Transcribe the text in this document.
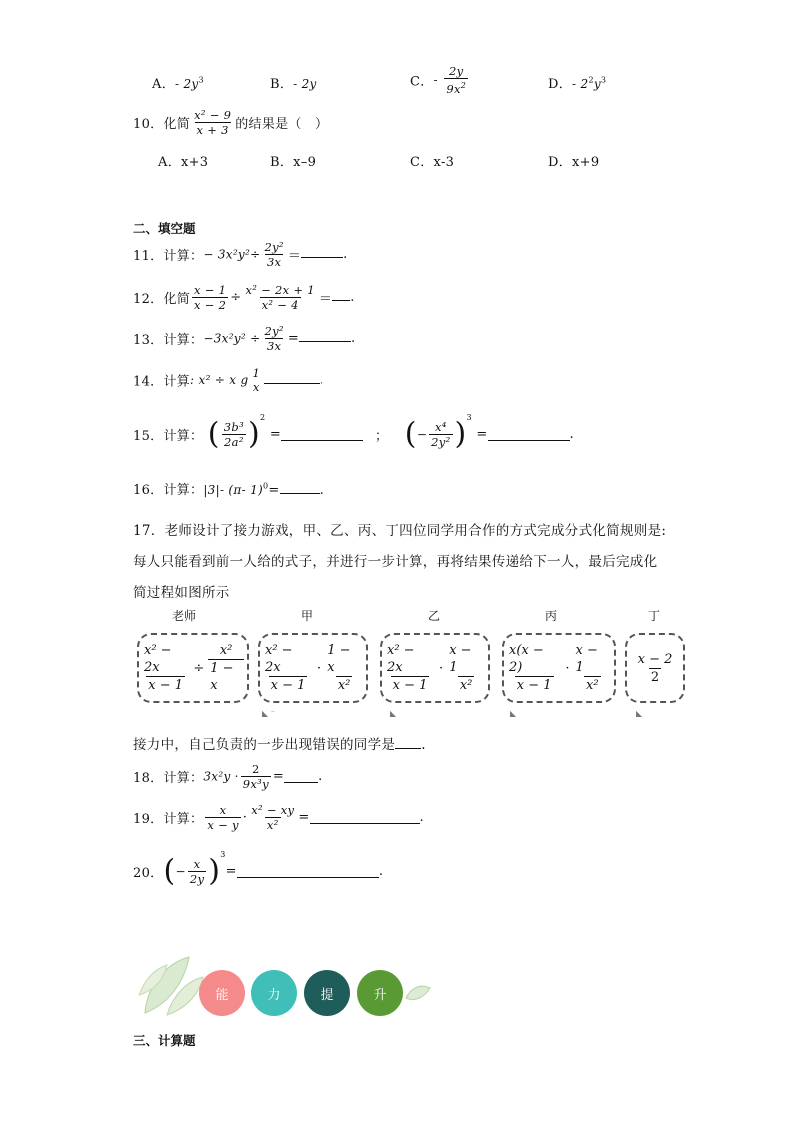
A．- $2y^3$	B．- 2y	C．- $\frac{2y}{9x^2}$	D．- $2^2y^3$
10．化简 $\frac{\text{x² − 9}}{x + 3}$ 的结果是（　）
A．x+3	B．x–9	C．x-3	D．x+9
二、填空题
11．计算：− $3x^2y^2\div \frac{\text{2y²}}{3x}$ ＝	.
12．化简 $\frac{x - 1}{x - 2} \div \frac{\text{x² − 2x + 1}}{\text{x² − 4}}$ ＝ .
13．计算：$-3x^2y^2 \div \frac{\text{2y²}}{3x}$ =	.
14．计算: x² ÷ x g 1
x	.
15．计算： ( $\frac{\text{3b³}}{\text{2a²}} )^2$ =	； (− $\frac{\text{x⁴}}{\text{2y²}} )^3$ =	.
16．计算：|3|- (π- 1)$^0$=	.
17．老师设计了接力游戏，甲、乙、丙、丁四位同学用合作的方式完成分式化简规则是:
每人只能看到前一人给的式子，并进行一步计算，再将结果传递给下一人，最后完成化
简过程如图所示
老师	甲	乙	丙	丁
$\frac{\text{x² − 2x}}{x - 1} \div \frac{\text{x²}}{1 - x} x^2 - 2x$
x − 1
·
1 − x
x²
x² − 2x
x − 1
·
x − 1
x²
x(x − 2)
x − 1
·
x − 1
x²
x − 2
2
◣ ⁻	◣	◣	◣
接力中，自己负责的一步出现错误的同学是 .
18．计算：$3x^2y \cdot \frac{2}{\text{9x³y}}$ =	.
19．计算： $\frac{x}{x - y} \cdot \frac{\text{x² − xy}}{\text{x²}}$ =	.
20．(− $\frac{x}{2y} )^3=$	.
能	力	提	升
三、计算题
